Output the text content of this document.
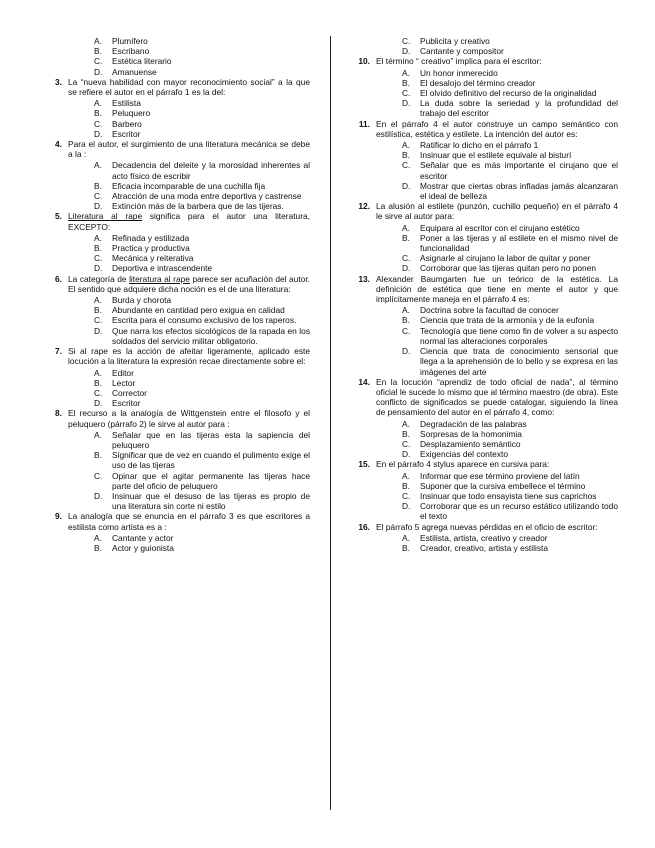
A.	Plumífero
B.	Escribano
C.	Estética literario
D.	Amanuense
3. La “nueva habilidad con mayor reconocimiento social” a la que se refiere el autor en el párrafo 1 es la del:
A.	Estilista
B.	Peluquero
C.	Barbero
D.	Escritor
4. Para el autor, el surgimiento de una literatura mecánica se debe a la :
A.	Decadencia del deleite y la morosidad inherentes al acto físico de escribir
B.	Eficacia incomparable de una cuchilla fija
C.	Atracción de una moda entre deportiva y castrense
D.	Extinción más de la barbera que de las tijeras.
5. Literatura al rape significa para el autor una literatura, EXCEPTO:
A.	Refinada y estilizada
B.	Practica y productiva
C.	Mecánica y reiterativa
D.	Deportiva e intrascendente
6. La categoría de literatura al rape parece ser acuñación del autor. El sentido que adquiere dicha noción es el de una literatura:
A.	Burda y chorota
B.	Abundante en cantidad pero exigua en calidad
C.	Escrita para el consumo exclusivo de los raperos.
D.	Que narra los efectos sicológicos de la rapada en los soldados del servicio militar obligatorio.
7. Si al rape es la acción de afeitar ligeramente, aplicado este locución a la literatura la expresión recae directamente sobre el:
A.	Editor
B.	Lector
C.	Corrector
D.	Escritor
8. El recurso a la analogía de Wittgenstein entre el filosofo y el peluquero (párrafo 2) le sirve al autor para :
A.	Señalar que en las tijeras esta la sapiencia del peluquero
B.	Significar que de vez en cuando el pulimento exige el uso de las tijeras
C.	Opinar que el agitar permanente las tijeras hace parte del oficio de peluquero
D.	Insinuar que el desuso de las tijeras es propio de una literatura sin corte ni estilo
9. La analogía que se enuncia en el párrafo 3 es que escritores a estilista como artista es a :
A.	Cantante y actor
B.	Actor y guionista
C.	Publicita y creativo
D.	Cantante y compositor
10. El término “ creativo” implica para el escritor:
A.	Un honor inmerecido
B.	El desalojo del término creador
C.	El olvido definitivo del recurso de la originalidad
D.	La duda sobre la seriedad y la profundidad del trabajo del escritor
11. En el párrafo 4 el autor construye un campo semántico con estilística, estética y estilete. La intención del autor es:
A.	Ratificar lo dicho en el párrafo 1
B.	Insinuar que el estilete equivale al bisturí
C.	Señalar que es más importante el cirujano que el escritor
D.	Mostrar que ciertas obras infladas jamás alcanzaran el ideal de belleza
12. La alusión al estilete (punzón, cuchillo pequeño) en el párrafo 4 le sirve al autor para:
A.	Equipara al escritor con el cirujano estético
B.	Poner a las tijeras y al estilete en el mismo nivel de funcionalidad
C.	Asignarle al cirujano la labor de quitar y poner
D.	Corroborar que las tijeras quitan pero no ponen
13. Alexander Baumgarten fue un teórico de la estética. La definición de estética que tiene en mente el autor y que implícitamente maneja en el párrafo 4 es:
A.	Doctrina sobre la facultad de conocer
B.	Ciencia que trata de la armonía y de la eufonía
C.	Tecnología que tiene como fin de volver a su aspecto normal las alteraciones corporales
D.	Ciencia que trata de conocimiento sensorial que llega a la aprehensión de lo bello y se expresa en las imágenes del arte
14. En la locución “aprendiz de todo oficial de nada”, al término oficial le sucede lo mismo que al término maestro (de obra). Este conflicto de significados se puede catalogar, siguiendo la línea de pensamiento del autor en el párrafo 4, como:
A.	Degradación de las palabras
B.	Sorpresas de la homonimia
C.	Desplazamiento semántico
D.	Exigencias del contexto
15. En el párrafo 4 stylus aparece en cursiva para:
A.	Informar que ese término proviene del latín
B.	Suponer que la cursiva embellece el término
C.	Insinuar que todo ensayista tiene sus caprichos
D.	Corroborar que es un recurso estático utilizando todo el texto
16. El párrafo 5 agrega nuevas pérdidas en el oficio de escritor:
A.	Estilista, artista, creativo y creador
B.	Creador, creativo, artista y estilista
